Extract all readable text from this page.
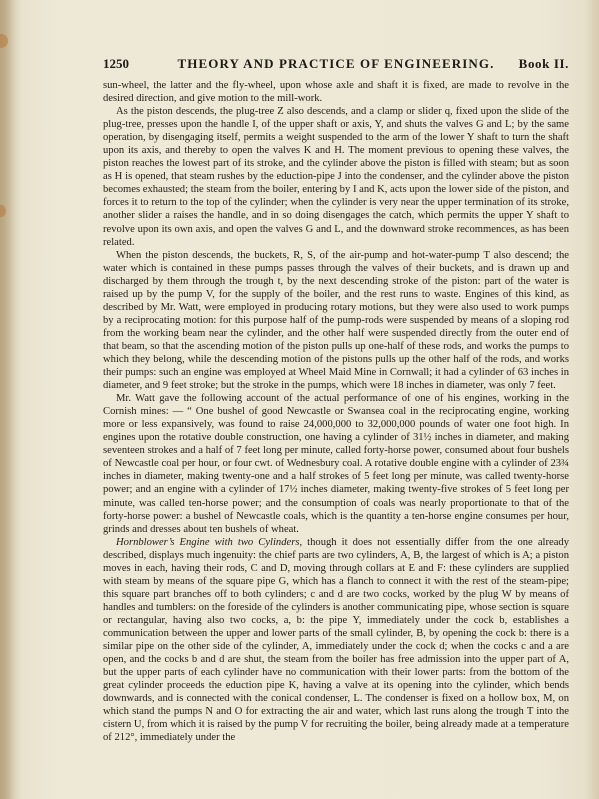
1250	THEORY AND PRACTICE OF ENGINEERING.	Book II.

sun-wheel, the latter and the fly-wheel, upon whose axle and shaft it is fixed, are made to revolve in the desired direction, and give motion to the mill-work.

As the piston descends, the plug-tree Z also descends, and a clamp or slider q, fixed upon the slide of the plug-tree, presses upon the handle I, of the upper shaft or axis, Y, and shuts the valves G and L; by the same operation, by disengaging itself, permits a weight suspended to the arm of the lower Y shaft to turn the shaft upon its axis, and thereby to open the valves K and H. The moment previous to opening these valves, the piston reaches the lowest part of its stroke, and the cylinder above the piston is filled with steam; but as soon as H is opened, that steam rushes by the eduction-pipe J into the condenser, and the cylinder above the piston becomes exhausted; the steam from the boiler, entering by I and K, acts upon the lower side of the piston, and forces it to return to the top of the cylinder; when the cylinder is very near the upper termination of its stroke, another slider a raises the handle, and in so doing disengages the catch, which permits the upper Y shaft to revolve upon its own axis, and open the valves G and L, and the downward stroke recommences, as has been related.

When the piston descends, the buckets, R, S, of the air-pump and hot-water-pump T also descend; the water which is contained in these pumps passes through the valves of their buckets, and is drawn up and discharged by them through the trough t, by the next descending stroke of the piston: part of the water is raised up by the pump V, for the supply of the boiler, and the rest runs to waste. Engines of this kind, as described by Mr. Watt, were employed in producing rotary motions, but they were also used to work pumps by a reciprocating motion: for this purpose half of the pump-rods were suspended by means of a sloping rod from the working beam near the cylinder, and the other half were suspended directly from the outer end of that beam, so that the ascending motion of the piston pulls up one-half of these rods, and works the pumps to which they belong, while the descending motion of the pistons pulls up the other half of the rods, and works their pumps: such an engine was employed at Wheel Maid Mine in Cornwall; it had a cylinder of 63 inches in diameter, and 9 feet stroke; but the stroke in the pumps, which were 18 inches in diameter, was only 7 feet.

Mr. Watt gave the following account of the actual performance of one of his engines, working in the Cornish mines: — “ One bushel of good Newcastle or Swansea coal in the reciprocating engine, working more or less expansively, was found to raise 24,000,000 to 32,000,000 pounds of water one foot high. In engines upon the rotative double construction, one having a cylinder of 31½ inches in diameter, and making seventeen strokes and a half of 7 feet long per minute, called forty-horse power, consumed about four bushels of Newcastle coal per hour, or four cwt. of Wednesbury coal. A rotative double engine with a cylinder of 23¾ inches in diameter, making twenty-one and a half strokes of 5 feet long per minute, was called twenty-horse power; and an engine with a cylinder of 17½ inches diameter, making twenty-five strokes of 5 feet long per minute, was called ten-horse power; and the consumption of coals was nearly proportionate to that of the forty-horse power: a bushel of Newcastle coals, which is the quantity a ten-horse engine consumes per hour, grinds and dresses about ten bushels of wheat.

Hornblower’s Engine with two Cylinders, though it does not essentially differ from the one already described, displays much ingenuity: the chief parts are two cylinders, A, B, the largest of which is A; a piston moves in each, having their rods, C and D, moving through collars at E and F: these cylinders are supplied with steam by means of the square pipe G, which has a flanch to connect it with the rest of the steam-pipe; this square part branches off to both cylinders; c and d are two cocks, worked by the plug W by means of handles and tumblers: on the foreside of the cylinders is another communicating pipe, whose section is square or rectangular, having also two cocks, a, b: the pipe Y, immediately under the cock b, establishes a communication between the upper and lower parts of the small cylinder, B, by opening the cock b: there is a similar pipe on the other side of the cylinder, A, immediately under the cock d; when the cocks c and a are open, and the cocks b and d are shut, the steam from the boiler has free admission into the upper part of A, but the upper parts of each cylinder have no communication with their lower parts: from the bottom of the great cylinder proceeds the eduction pipe K, having a valve at its opening into the cylinder, which bends downwards, and is connected with the conical condenser, L. The condenser is fixed on a hollow box, M, on which stand the pumps N and O for extracting the air and water, which last runs along the trough T into the cistern U, from which it is raised by the pump V for recruiting the boiler, being already made at a temperature of 212°, immediately under the
